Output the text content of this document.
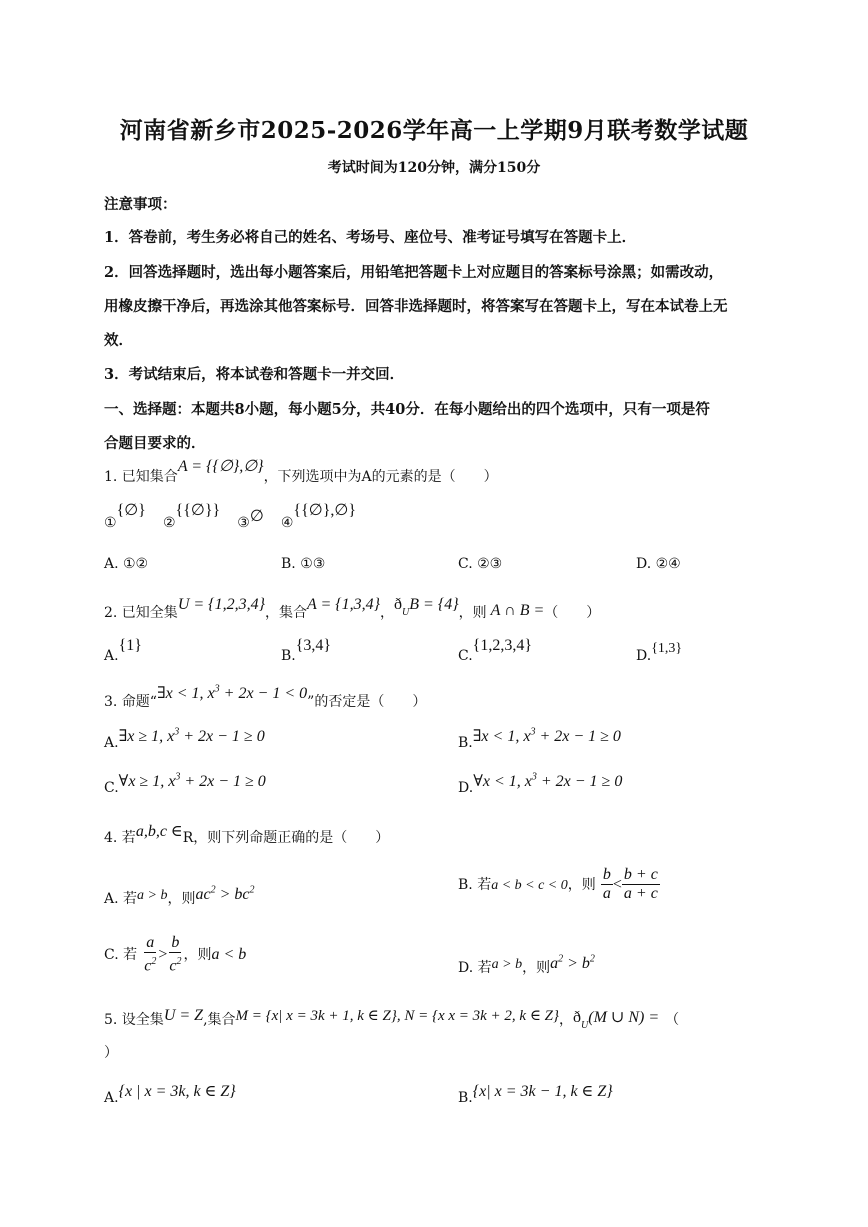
河南省新乡市2025-2026学年高一上学期9月联考数学试题
考试时间为120分钟，满分150分
注意事项：
1．答卷前，考生务必将自己的姓名、考场号、座位号、准考证号填写在答题卡上．
2．回答选择题时，选出每小题答案后，用铅笔把答题卡上对应题目的答案标号涂黑；如需改动，
用橡皮擦干净后，再选涂其他答案标号．回答非选择题时，将答案写在答题卡上，写在本试卷上无
效．
3．考试结束后，将本试卷和答题卡一并交回．
一、选择题：本题共8小题，每小题5分，共40分．在每小题给出的四个选项中，只有一项是符
合题目要求的．
1. 已知集合A = {{∅},∅}，下列选项中为A的元素的是（　　）
①{∅} ②{{∅}} ③∅ ④{{∅},∅}
A. ①②	B. ①③	C. ②③	D. ②④
2. 已知全集U = {1,2,3,4}，集合A = {1,3,4}，$ð_UB = \{4\}$，则 A ∩ B =（　　）
A.{1}
B.{3,4}
C.{1,2,3,4}
D.{1,3}
3. 命题“∃x < 1, $x^3 + 2x - 1 < 0$”的否定是（　　）
A.∃x ≥ 1, $x^3 + 2x - 1 \ge 0$	B.∃x < 1, $x^3 + 2x - 1 \ge 0$
C.∀x ≥ 1, $x^3 + 2x - 1 \ge 0$	D.∀x < 1, $x^3 + 2x - 1 \ge 0$
4. 若a,b,c ∈R，则下列命题正确的是（　　）
A. 若a > b，则$ac^2 > bc^2$	B. 若a < b < c < 0，则 $\frac{b}{a} < \frac{b + c}{a + c}$
C. 若 $\frac{a}{c^2} > \frac{b}{c^2}$ ，则a < b
D. 若a > b，则$a^2 > b^2$
5. 设全集U = Z,集合M = {x| x = 3k + 1, k ∈ Z}, N = {x x = 3k + 2, k ∈ Z}，$ð_U(M$ ∪ N) = （
）
A.{x | x = 3k, k ∈ Z}	B.{x| x = 3k − 1, k ∈ Z}
